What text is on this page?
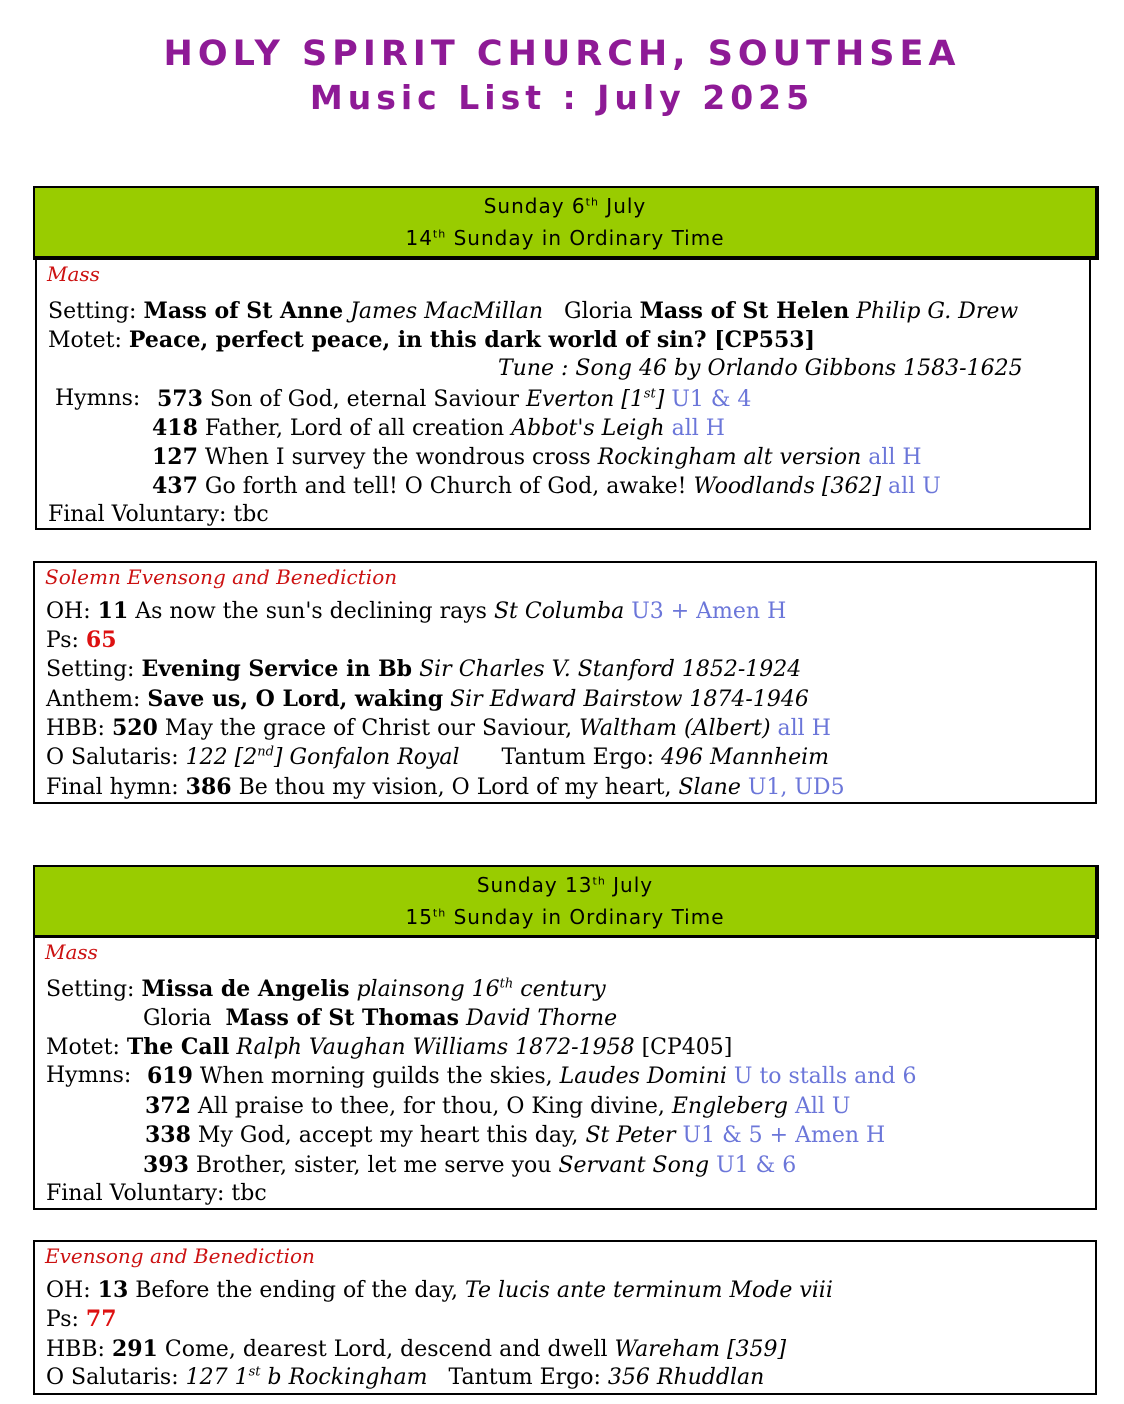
HOLY SPIRIT CHURCH, SOUTHSEA
Music List : July 2025
Sunday 6th July
14th Sunday in Ordinary Time
Mass
Setting: Mass of St Anne James MacMillan   Gloria Mass of St Helen Philip G. Drew
Motet: Peace, perfect peace, in this dark world of sin? [CP553]
Tune : Song 46 by Orlando Gibbons 1583-1625
Hymns: 573 Son of God, eternal Saviour Everton [1st] U1 & 4
418 Father, Lord of all creation Abbot's Leigh all H
127 When I survey the wondrous cross Rockingham alt version all H
437 Go forth and tell! O Church of God, awake! Woodlands [362] all U
Final Voluntary: tbc
Solemn Evensong and Benediction
OH: 11 As now the sun's declining rays St Columba U3 + Amen H
Ps: 65
Setting: Evening Service in Bb Sir Charles V. Stanford 1852-1924
Anthem: Save us, O Lord, waking Sir Edward Bairstow 1874-1946
HBB: 520 May the grace of Christ our Saviour, Waltham (Albert) all H
O Salutaris: 122 [2nd] Gonfalon Royal      Tantum Ergo: 496 Mannheim
Final hymn: 386 Be thou my vision, O Lord of my heart, Slane U1, UD5
Sunday 13th July
15th Sunday in Ordinary Time
Mass
Setting: Missa de Angelis plainsong 16th century
Gloria  Mass of St Thomas David Thorne
Motet: The Call Ralph Vaughan Williams 1872-1958 [CP405]
Hymns: 619 When morning guilds the skies, Laudes Domini U to stalls and 6
372 All praise to thee, for thou, O King divine, Engleberg All U
338 My God, accept my heart this day, St Peter U1 & 5 + Amen H
393 Brother, sister, let me serve you Servant Song U1 & 6
Final Voluntary: tbc
Evensong and Benediction
OH: 13 Before the ending of the day, Te lucis ante terminum Mode viii
Ps: 77
HBB: 291 Come, dearest Lord, descend and dwell Wareham [359]
O Salutaris: 127 1st b Rockingham   Tantum Ergo: 356 Rhuddlan
